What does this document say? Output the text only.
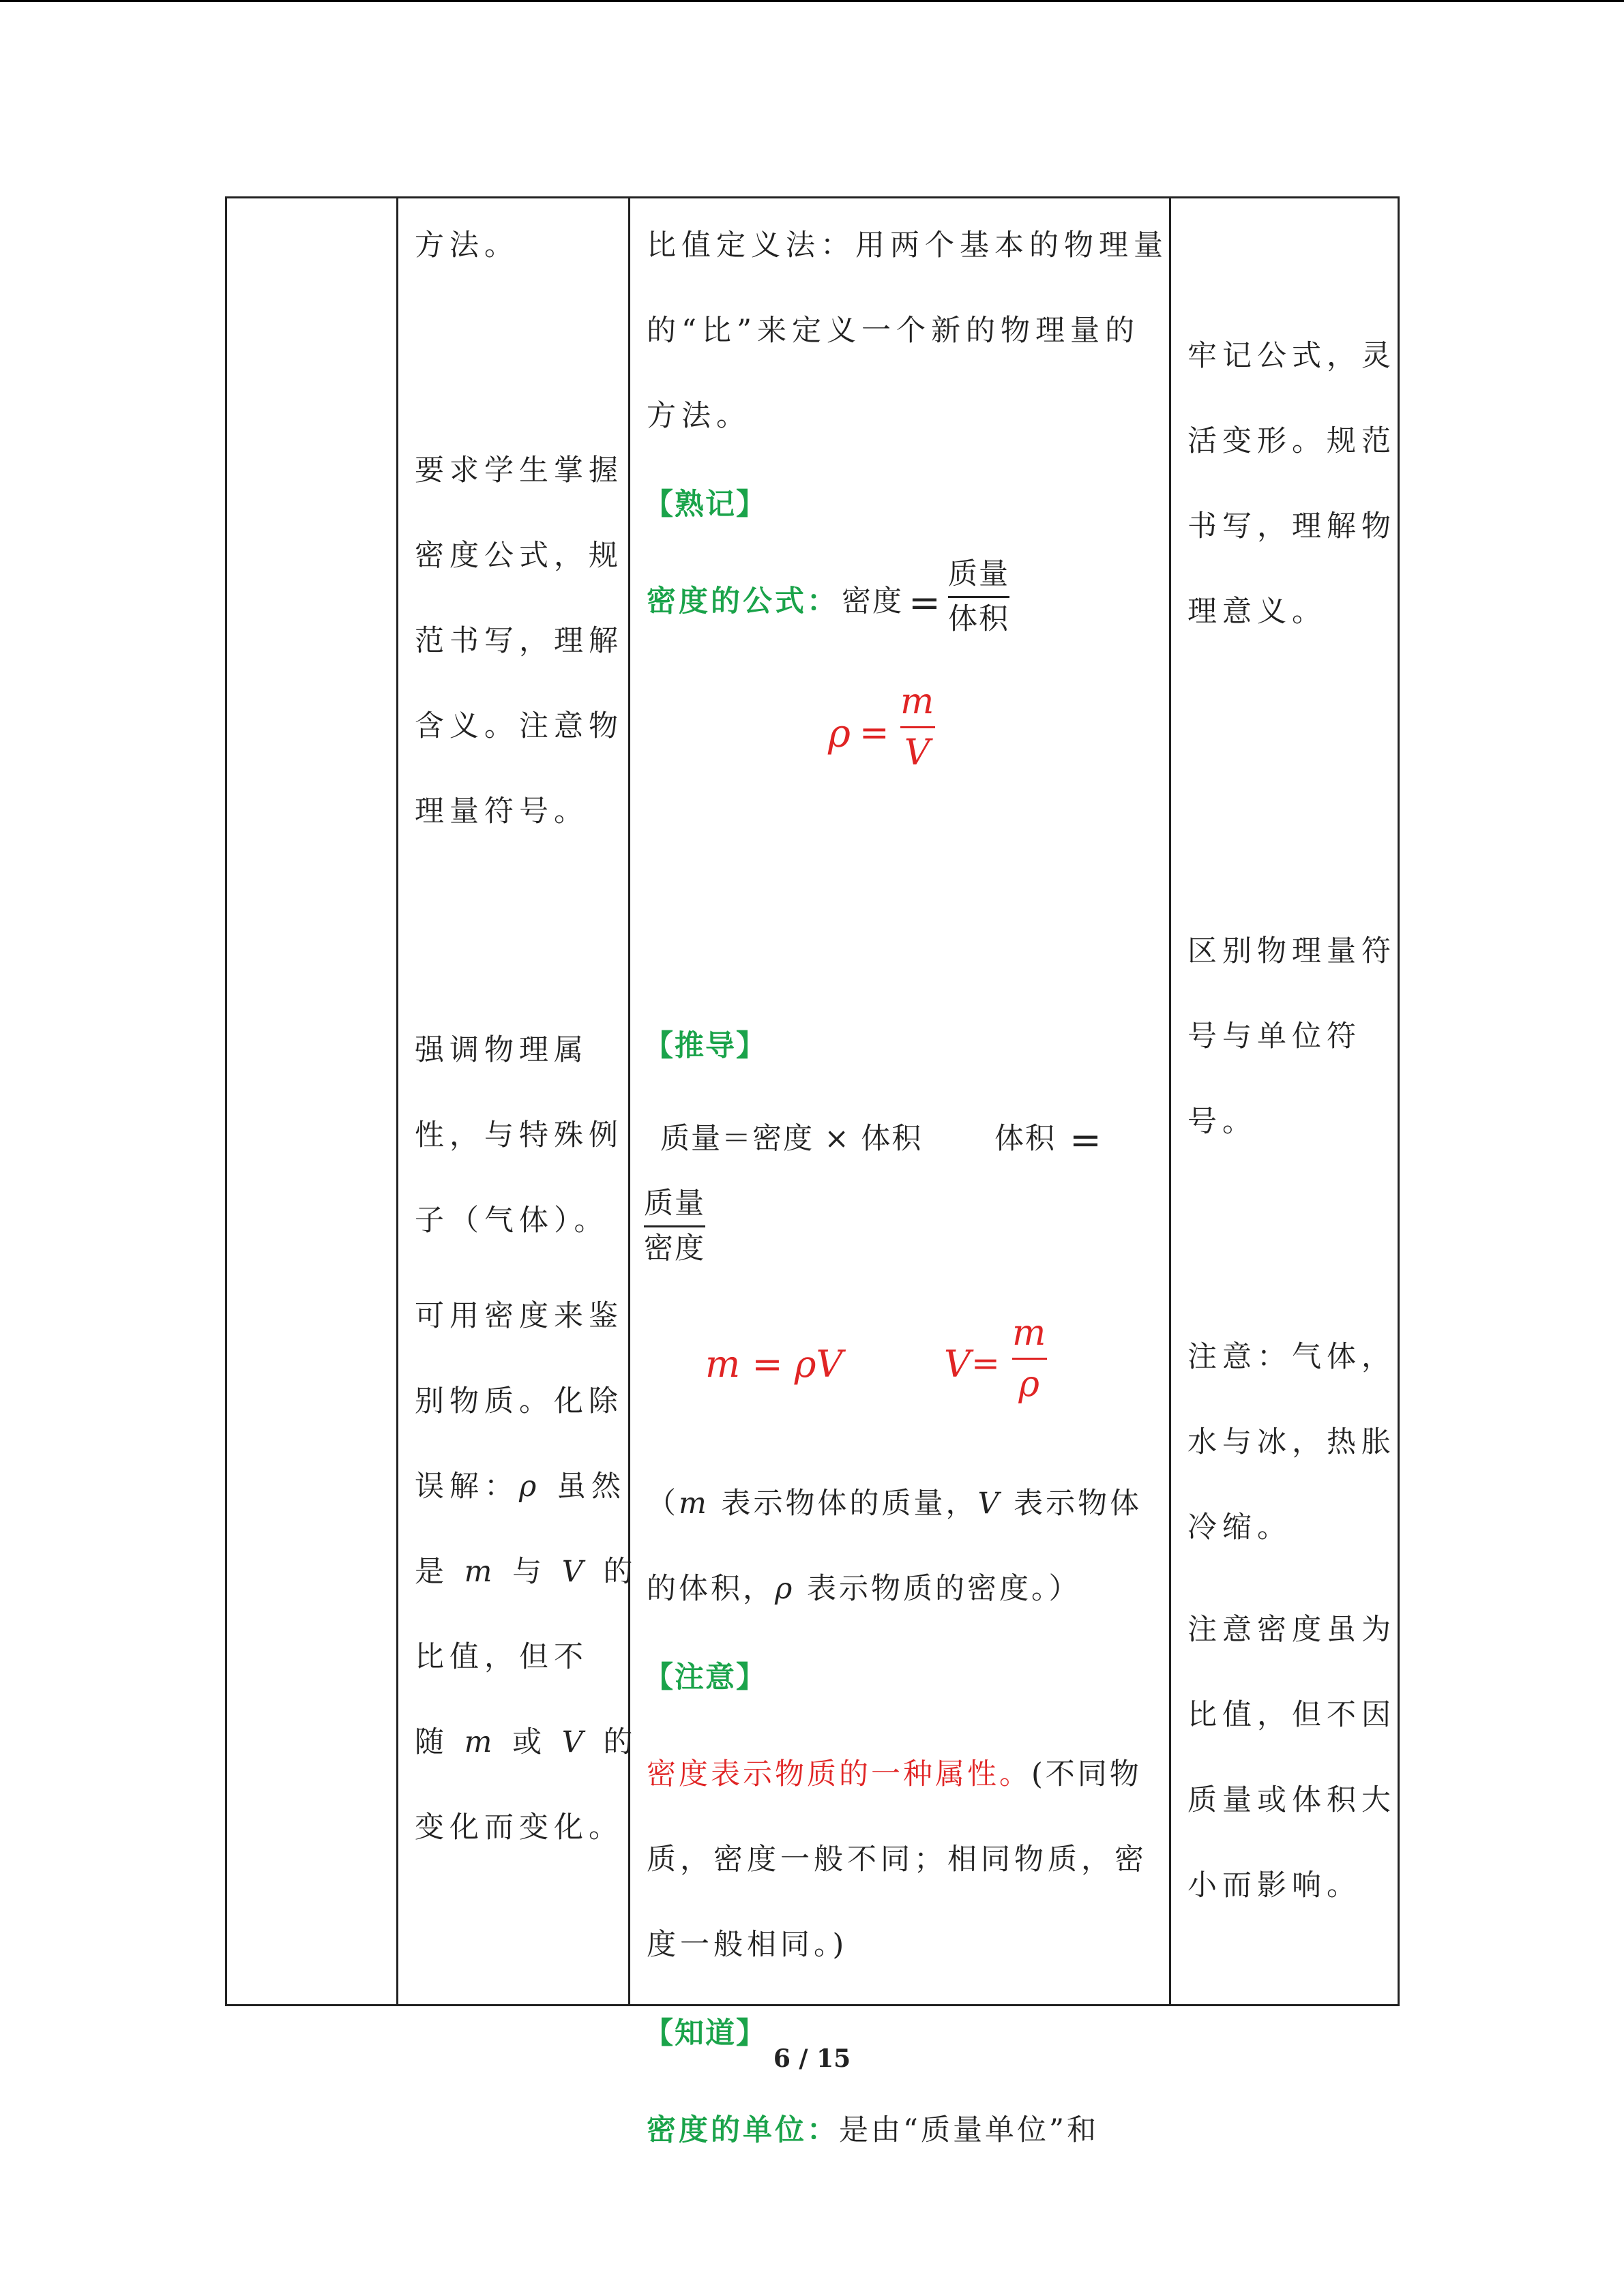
方法。
要求学生掌握
密度公式，规
范书写，理解
含义。注意物
理量符号。
强调物理属
性，与特殊例
子（气体）。
可用密度来鉴
别物质。化除
误解：ρ 虽然
是 m 与 V 的
比值，但不
随 m 或 V 的
变化而变化。
比值定义法：用两个基本的物理量
的“比”来定义一个新的物理量的
方法。
【熟记】
密度的公式： 密度 =
质量
体积
ρ =
m
V
【推导】
质量＝密度 × 体积 体积 =
质量
密度
m = ρV	V =
m
ρ
（m 表示物体的质量，V 表示物体
的体积，ρ 表示物质的密度。）
【注意】
密度表示物质的一种属性。(不同物
质，密度一般不同；相同物质，密
度一般相同。)
【知道】
密度的单位：是由“质量单位”和
牢记公式，灵
活变形。规范
书写，理解物
理意义。
区别物理量符
号与单位符
号。
注意：气体，
水与冰，热胀
冷缩。
注意密度虽为
比值，但不因
质量或体积大
小而影响。
6 / 15
